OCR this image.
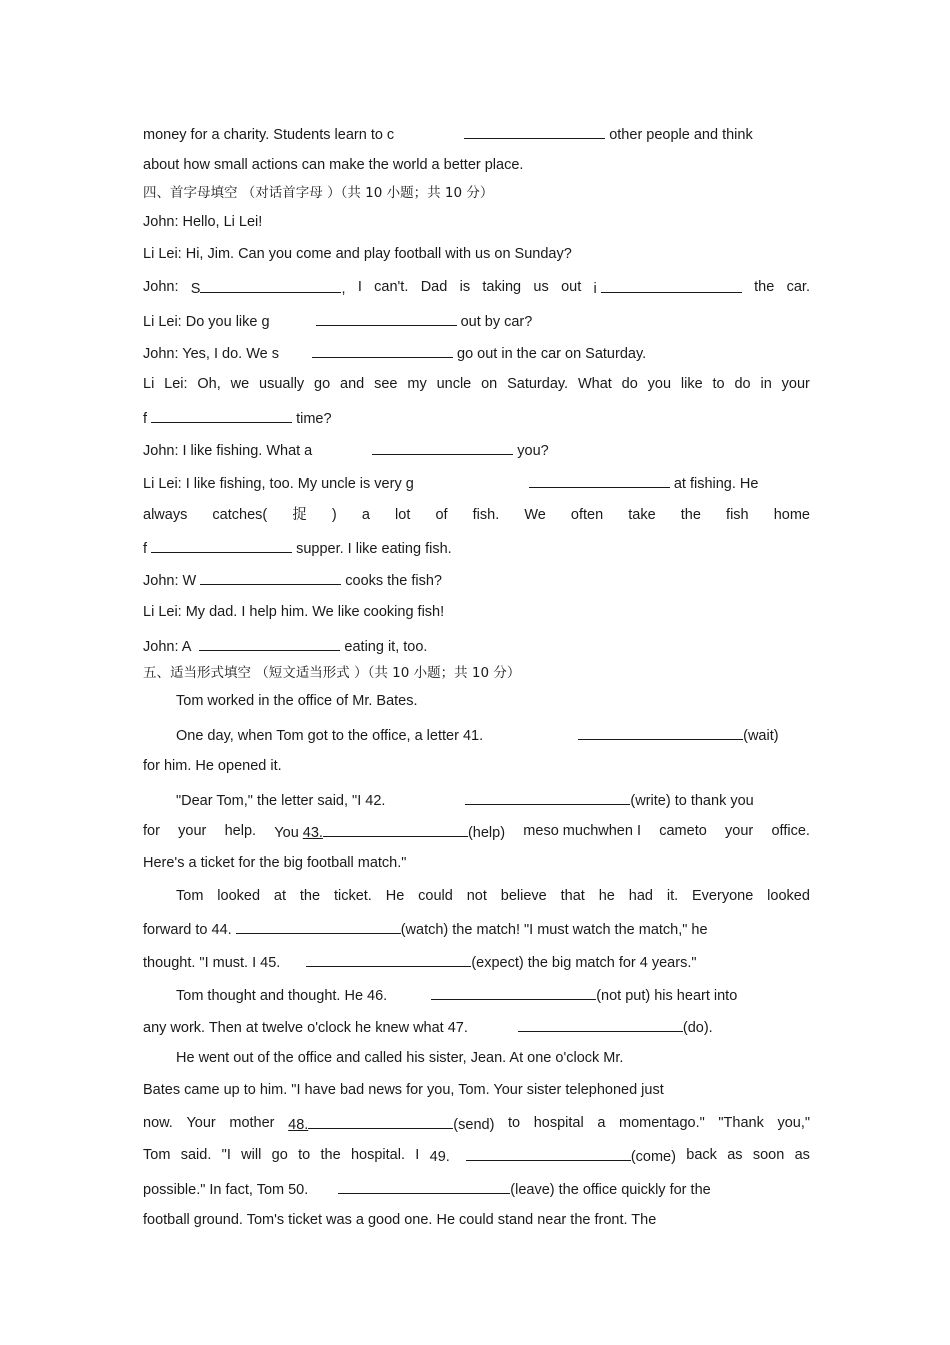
money for a charity. Students learn to c	other people and think
about how small actions can make the world a better place.
四、首字母填空 （对话首字母 ）（共 10 小题；共 10 分）
John: Hello, Li Lei!
Li Lei: Hi, Jim. Can you come and play football with us on Sunday?
John: S	, I can't. Dad is taking us out i	the car.
Li Lei: Do you like g	out by car?
John: Yes, I do. We s	go out in the car on Saturday.
Li Lei: Oh, we usually go and see my uncle on Saturday. What do you like to do in your
f	time?
John: I like fishing. What a	you?
Li Lei: I like fishing, too. My uncle is very g	at fishing. He
always catches( 捉 ) a lot of fish. We often take the fish home
f	supper. I like eating fish.
John: W	cooks the fish?
Li Lei: My dad. I help him. We like cooking fish!
John: A	eating it, too.
五、适当形式填空 （短文适当形式 ）（共 10 小题；共 10 分）
Tom worked in the office of Mr. Bates.
One day, when Tom got to the office, a letter 41.	(wait)
for him. He opened it.
"Dear Tom," the letter said, "I 42.	(write) to thank you
for your help. You 43.	(help) meso muchwhen I cameto your office.
Here's a ticket for the big football match."
Tom looked at the ticket. He could not believe that he had it. Everyone looked
forward to 44.	(watch) the match! "I must watch the match," he
thought. "I must. I 45.	(expect) the big match for 4 years."
Tom thought and thought. He 46.	(not put) his heart into
any work. Then at twelve o'clock he knew what 47.	(do).
He went out of the office and called his sister, Jean. At one o'clock Mr.
Bates came up to him. "I have bad news for you, Tom. Your sister telephoned just
now. Your mother 48.	(send) to hospital a momentago." "Thank you,"
Tom said. "I will go to the hospital. I 49.	(come) back as soon as
possible." In fact, Tom 50.	(leave) the office quickly for the
football ground. Tom's ticket was a good one. He could stand near the front. The
